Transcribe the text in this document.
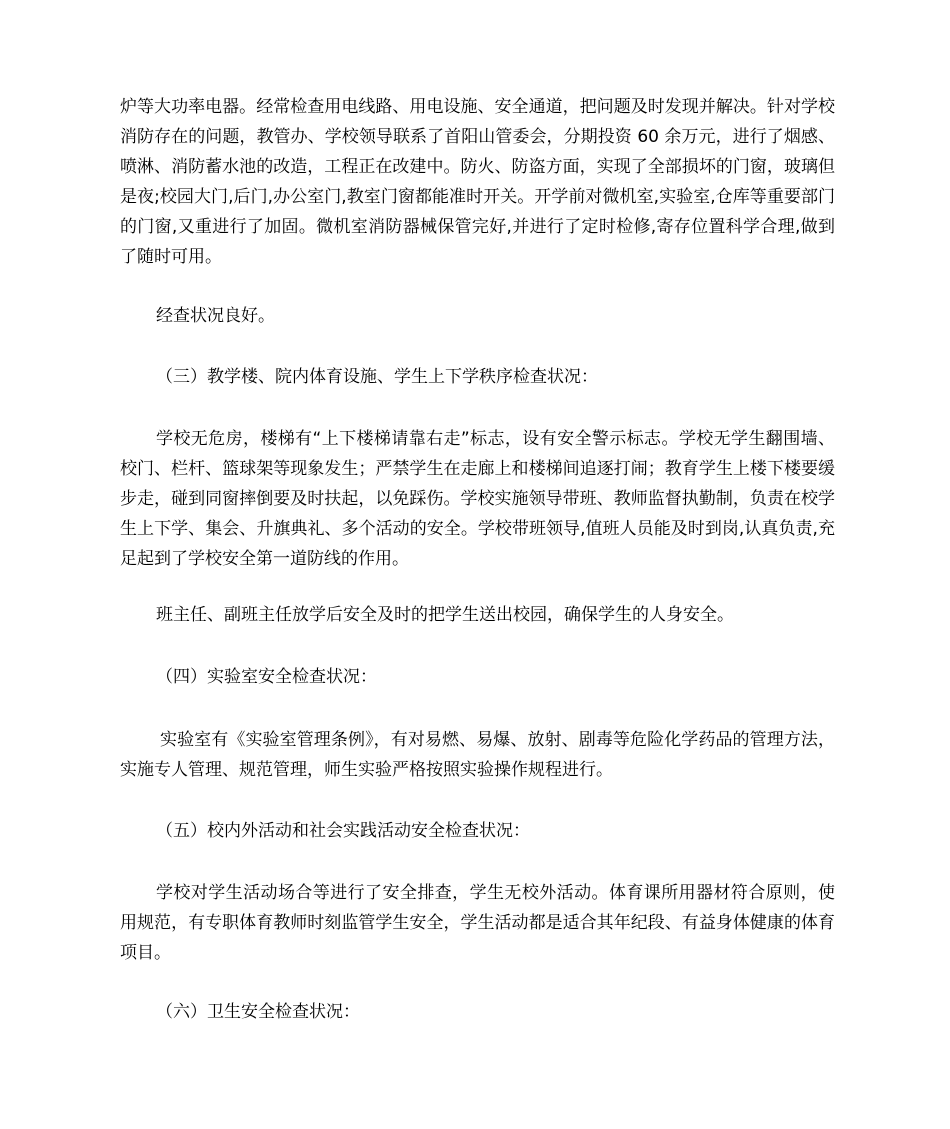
炉等大功率电器。经常检查用电线路、用电设施、安全通道，把问题及时发现并解决。针对学校消防存在的问题，教管办、学校领导联系了首阳山管委会，分期投资 60 余万元，进行了烟感、喷淋、消防蓄水池的改造，工程正在改建中。防火、防盗方面，实现了全部损坏的门窗，玻璃但是夜;校园大门,后门,办公室门,教室门窗都能准时开关。开学前对微机室,实验室,仓库等重要部门的门窗,又重进行了加固。微机室消防器械保管完好,并进行了定时检修,寄存位置科学合理,做到了随时可用。

经查状况良好。

（三）教学楼、院内体育设施、学生上下学秩序检查状况：

学校无危房，楼梯有“上下楼梯请靠右走”标志，设有安全警示标志。学校无学生翻围墙、校门、栏杆、篮球架等现象发生；严禁学生在走廊上和楼梯间追逐打闹；教育学生上楼下楼要缓步走，碰到同窗摔倒要及时扶起，以免踩伤。学校实施领导带班、教师监督执勤制，负责在校学生上下学、集会、升旗典礼、多个活动的安全。学校带班领导,值班人员能及时到岗,认真负责,充足起到了学校安全第一道防线的作用。

班主任、副班主任放学后安全及时的把学生送出校园，确保学生的人身安全。

（四）实验室安全检查状况：

实验室有《实验室管理条例》，有对易燃、易爆、放射、剧毒等危险化学药品的管理方法，实施专人管理、规范管理，师生实验严格按照实验操作规程进行。

（五）校内外活动和社会实践活动安全检查状况：

学校对学生活动场合等进行了安全排查，学生无校外活动。体育课所用器材符合原则，使用规范，有专职体育教师时刻监管学生安全，学生活动都是适合其年纪段、有益身体健康的体育项目。

（六）卫生安全检查状况：
